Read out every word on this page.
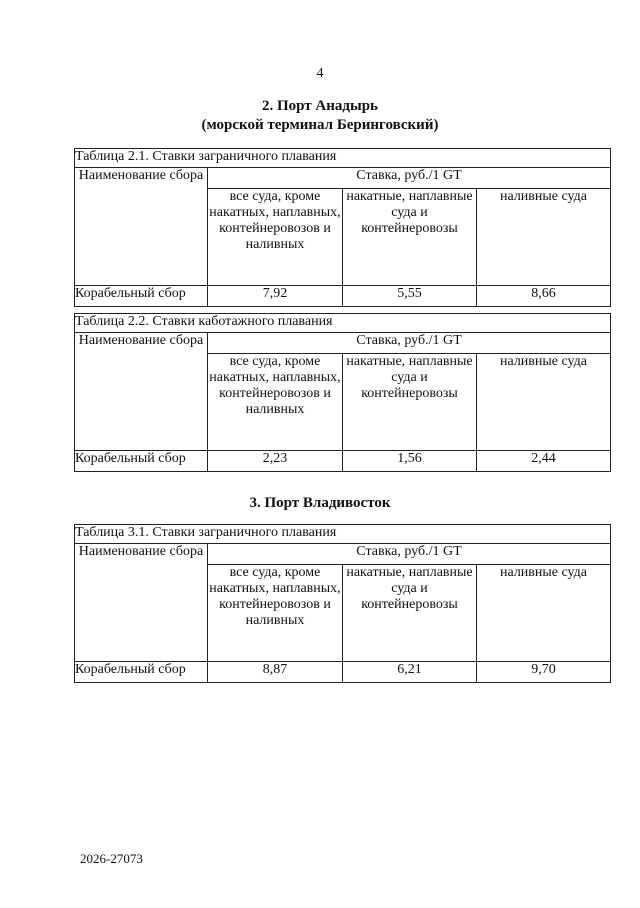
4
2. Порт Анадырь
(морской терминал Беринговский)
Таблица 2.1. Ставки заграничного плавания			
Наименование сбора	Ставка, руб./1 GT		
	все суда, кроме накатных, наплавных, контейнеровозов и наливных	накатные, наплавные суда и контейнеровозы	наливные суда
Корабельный сбор	7,92	5,55	8,66
Таблица 2.2. Ставки каботажного плавания			
Наименование сбора	Ставка, руб./1 GT		
	все суда, кроме накатных, наплавных, контейнеровозов и наливных	накатные, наплавные суда и контейнеровозы	наливные суда
Корабельный сбор	2,23	1,56	2,44
3. Порт Владивосток
Таблица 3.1. Ставки заграничного плавания			
Наименование сбора	Ставка, руб./1 GT		
	все суда, кроме накатных, наплавных, контейнеровозов и наливных	накатные, наплавные суда и контейнеровозы	наливные суда
Корабельный сбор	8,87	6,21	9,70
2026-27073
